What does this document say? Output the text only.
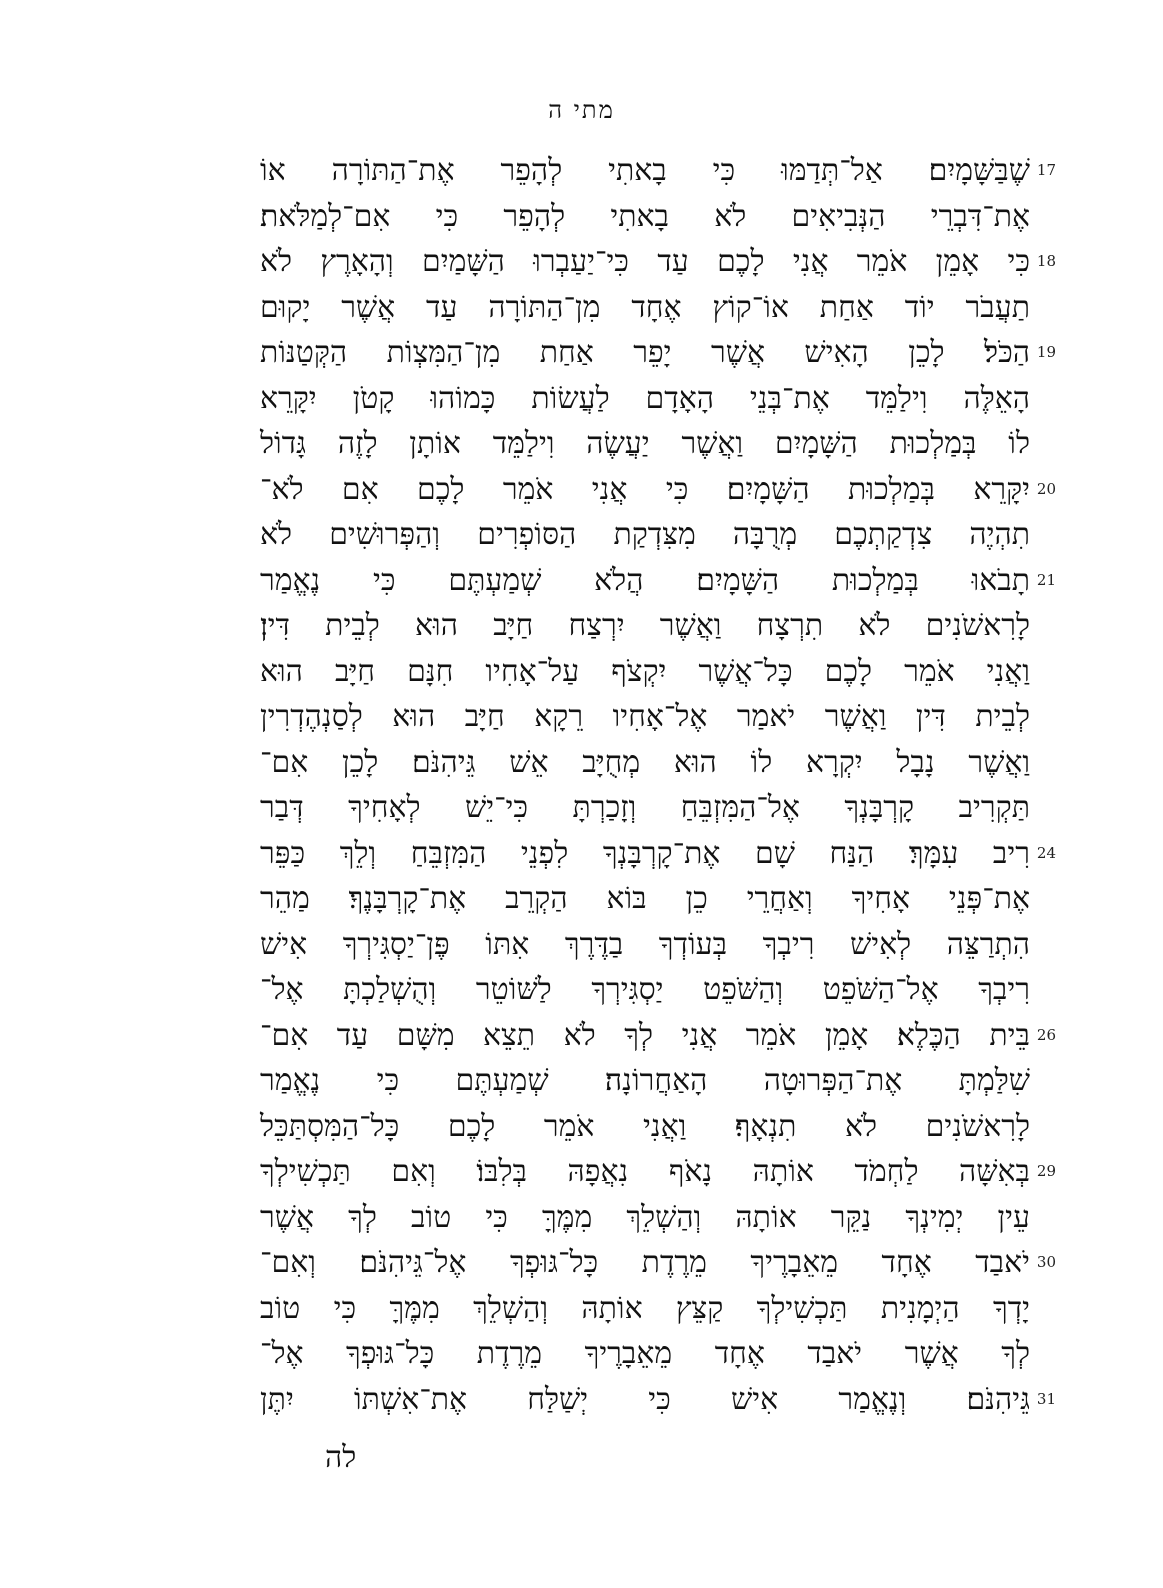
מתי ה
שֶׁבַּשָּׁמָיִם׃ אַל־תְּדַמּוּ כִּי בָאתִי לְהָפֵר אֶת־הַתּוֹרָה אוֹ 17
אֶת־דִּבְרֵי הַנְּבִיאִים לֹא בָאתִי לְהָפֵר כִּי אִם־לְמַלֹּאת׃
כִּי אָמֵן אֹמֵר אֲנִי לָכֶם עַד כִּי־יַעַבְרוּ הַשָּׁמַיִם וְהָאָרֶץ לֹא 18
תַעֲבֹר יוֹד אַחַת אוֹ־קוֹץ אֶחָד מִן־הַתּוֹרָה עַד אֲשֶׁר יָקוּם
הַכֹּל׃ לָכֵן הָאִישׁ אֲשֶׁר יָפֵר אַחַת מִן־הַמִּצְוֹת הַקְּטַנּוֹת 19
הָאֵלֶּה וִילַמֵּד אֶת־בְּנֵי הָאָדָם לַעֲשׂוֹת כָּמוֹהוּ קָטֹן יִקָּרֵא
לוֹ בְּמַלְכוּת הַשָּׁמָיִם וַאֲשֶׁר יַעֲשֶׂה וִילַמֵּד אוֹתָן לָזֶה גָּדוֹל
יִקָּרֵא בְּמַלְכוּת הַשָּׁמָיִם׃ כִּי אֲנִי אֹמֵר לָכֶם אִם לֹא־ 20
תִהְיֶה צִדְקַתְכֶם מְרֻבָּה מִצִּדְקַת הַסּוֹפְרִים וְהַפְּרוּשִׁים לֹא
תָבֹאוּ בְּמַלְכוּת הַשָּׁמָיִם׃ הֲלֹא שְׁמַעְתֶּם כִּי נֶאֱמַר 21
לָרִאשֹׁנִים לֹא תִרְצָח וַאֲשֶׁר יִרְצַח חַיָּב הוּא לְבֵית דִּין׃
וַאֲנִי אֹמֵר לָכֶם כָּל־אֲשֶׁר יִקְצֹף עַל־אָחִיו חִנָּם חַיָּב הוּא
לְבֵית דִּין וַאֲשֶׁר יֹאמַר אֶל־אָחִיו רֵקָא חַיָּב הוּא לְסַנְהֶדְרִין
וַאֲשֶׁר נָבָל יִקְרָא לוֹ הוּא מְחֻיָּב אֵשׁ גֵּיהִנֹּם׃ לָכֵן אִם־
תַּקְרִיב קָרְבָּנְךָ אֶל־הַמִּזְבֵּחַ וְזָכַרְתָּ כִּי־יֵשׁ לְאָחִיךָ דְּבַר
רִיב עִמָּךְ׃ הַנַּח שָׁם אֶת־קָרְבָּנְךָ לִפְנֵי הַמִּזְבֵּחַ וְלֵךְ כַּפֵּר 24
אֶת־פְּנֵי אָחִיךָ וְאַחֲרֵי כֵן בּוֹא הַקְרֵב אֶת־קָרְבָּנֶךָ׃ מַהֵר
הִתְרַצֵּה לְאִישׁ רִיבְךָ בְּעוֹדְךָ בַדֶּרֶךְ אִתּוֹ פֶּן־יַסְגִּירְךָ אִישׁ
רִיבְךָ אֶל־הַשֹּׁפֵט וְהַשֹּׁפֵט יַסְגִּירְךָ לַשּׁוֹטֵר וְהֻשְׁלַכְתָּ אֶל־
בֵּית הַכֶּלֶא׃ אָמֵן אֹמֵר אֲנִי לְךָ לֹא תֵצֵא מִשָּׁם עַד אִם־ 26
שִׁלַּמְתָּ אֶת־הַפְּרוּטָה הָאַחֲרוֹנָה׃ שְׁמַעְתֶּם כִּי נֶאֱמַר
לָרִאשֹׁנִים לֹא תִנְאָף׃ וַאֲנִי אֹמֵר לָכֶם כָּל־הַמִּסְתַּכֵּל
בְּאִשָּׁה לַחְמֹד אוֹתָהּ נָאֹף נִאֲפָהּ בְּלִבּוֹ׃ וְאִם תַּכְשִׁילְךָ 29
עֵין יְמִינְךָ נַקֵּר אוֹתָהּ וְהַשְׁלֵךְ מִמֶּךָּ כִּי טוֹב לְךָ אֲשֶׁר
יֹאבַד אֶחָד מֵאֵבָרֶיךָ מֵרֶדֶת כָּל־גּוּפְךָ אֶל־גֵּיהִנֹּם׃ וְאִם־ 30
יָדְךָ הַיְמָנִית תַּכְשִׁילְךָ קַצֵּץ אוֹתָהּ וְהַשְׁלֵךְ מִמֶּךָּ כִּי טוֹב
לְךָ אֲשֶׁר יֹאבַד אֶחָד מֵאֵבָרֶיךָ מֵרֶדֶת כָּל־גּוּפְךָ אֶל־
גֵּיהִנֹּם׃ וְנֶאֱמַר אִישׁ כִּי יְשַׁלַּח אֶת־אִשְׁתּוֹ יִתֶּן 31
לה
